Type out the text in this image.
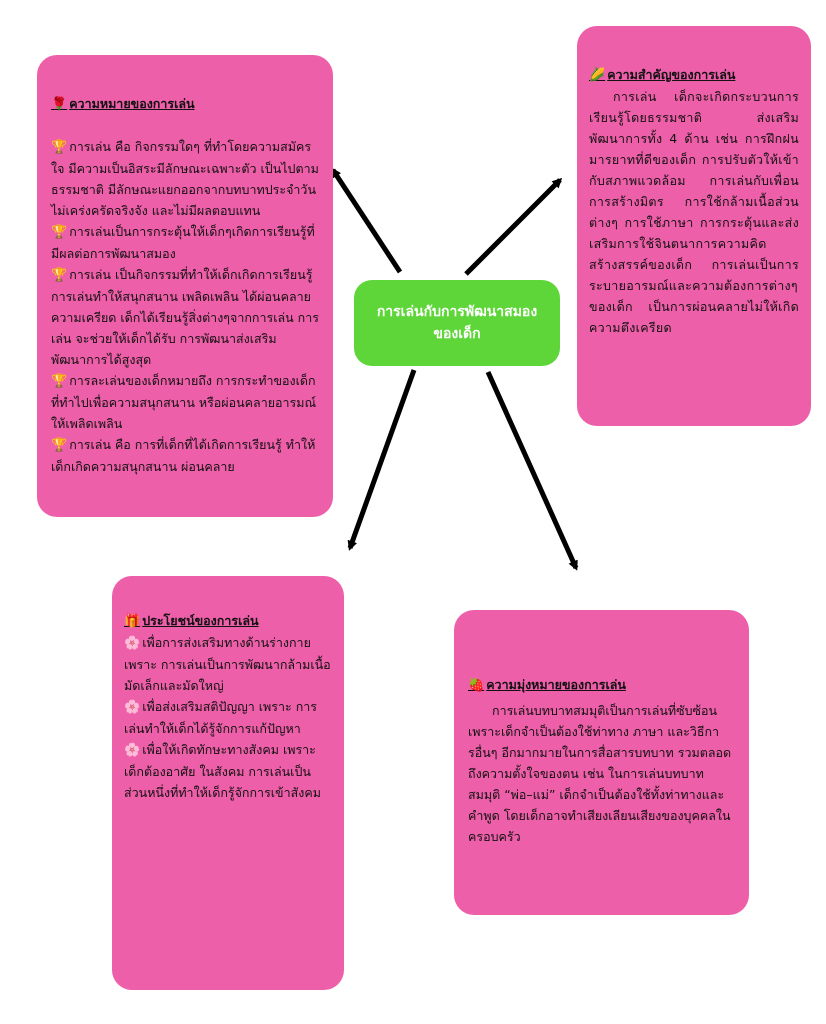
การเล่นกับการพัฒนาสมองของเด็ก
🌹 ความหมายของการเล่น
🏆 การเล่น คือ กิจกรรมใดๆ ที่ทำโดยความสมัครใจ มีความเป็นอิสระมีลักษณะเฉพาะตัว เป็นไปตามธรรมชาติ มีลักษณะแยกออกจากบทบาทประจำวันไม่เคร่งครัดจริงจัง และไม่มีผลตอบแทน
🏆 การเล่นเป็นการกระตุ้นให้เด็กๆเกิดการเรียนรู้ที่มีผลต่อการพัฒนาสมอง
🏆 การเล่น เป็นกิจกรรมที่ทำให้เด็กเกิดการเรียนรู้ การเล่นทำให้สนุกสนาน เพลิดเพลิน ได้ผ่อนคลายความเครียด เด็กได้เรียนรู้สิ่งต่างๆจากการเล่น การเล่น จะช่วยให้เด็กได้รับ การพัฒนาส่งเสริมพัฒนาการได้สูงสุด
🏆 การละเล่นของเด็กหมายถึง การกระทำของเด็กที่ทำไปเพื่อความสนุกสนาน หรือผ่อนคลายอารมณ์ให้เพลิดเพลิน
🏆 การเล่น คือ การที่เด็กที่ได้เกิดการเรียนรู้ ทำให้เด็กเกิดความสนุกสนาน ผ่อนคลาย
🌽 ความสำคัญของการเล่น
การเล่น เด็กจะเกิดกระบวนการเรียนรู้โดยธรรมชาติ ส่งเสริมพัฒนาการทั้ง 4 ด้าน เช่น การฝึกฝนมารยาทที่ดีของเด็ก การปรับตัวให้เข้ากับสภาพแวดล้อม การเล่นกับเพื่อน การสร้างมิตร การใช้กล้ามเนื้อส่วนต่างๆ การใช้ภาษา การกระตุ้นและส่งเสริมการใช้จินตนาการความคิดสร้างสรรค์ของเด็ก การเล่นเป็นการ ระบายอารมณ์และความต้องการต่างๆ ของเด็ก เป็นการผ่อนคลายไม่ให้เกิดความตึงเครียด
🎁 ประโยชน์ของการเล่น
🌸 เพื่อการส่งเสริมทางด้านร่างกาย เพราะ การเล่นเป็นการพัฒนากล้ามเนื้อมัดเล็กและมัดใหญ่
🌸 เพื่อส่งเสริมสติปัญญา เพราะ การเล่นทำให้เด็กได้รู้จักการแก้ปัญหา
🌸 เพื่อให้เกิดทักษะทางสังคม เพราะ เด็กต้องอาศัย ในสังคม การเล่นเป็นส่วนหนึ่งที่ทำให้เด็กรู้จักการเข้าสังคม
🍓 ความมุ่งหมายของการเล่น
การเล่นบทบาทสมมุติเป็นการเล่นที่ซับซ้อน เพราะเด็กจำเป็นต้องใช้ท่าทาง ภาษา และวิธีการอื่นๆ อีกมากมายในการสื่อสารบทบาท รวมตลอดถึงความตั้งใจของตน เช่น ในการเล่นบทบาทสมมุติ “พ่อ–แม่” เด็กจำเป็นต้องใช้ทั้งท่าทางและคำพูด โดยเด็กอาจทำเสียงเลียนเสียงของบุคคลในครอบครัว
